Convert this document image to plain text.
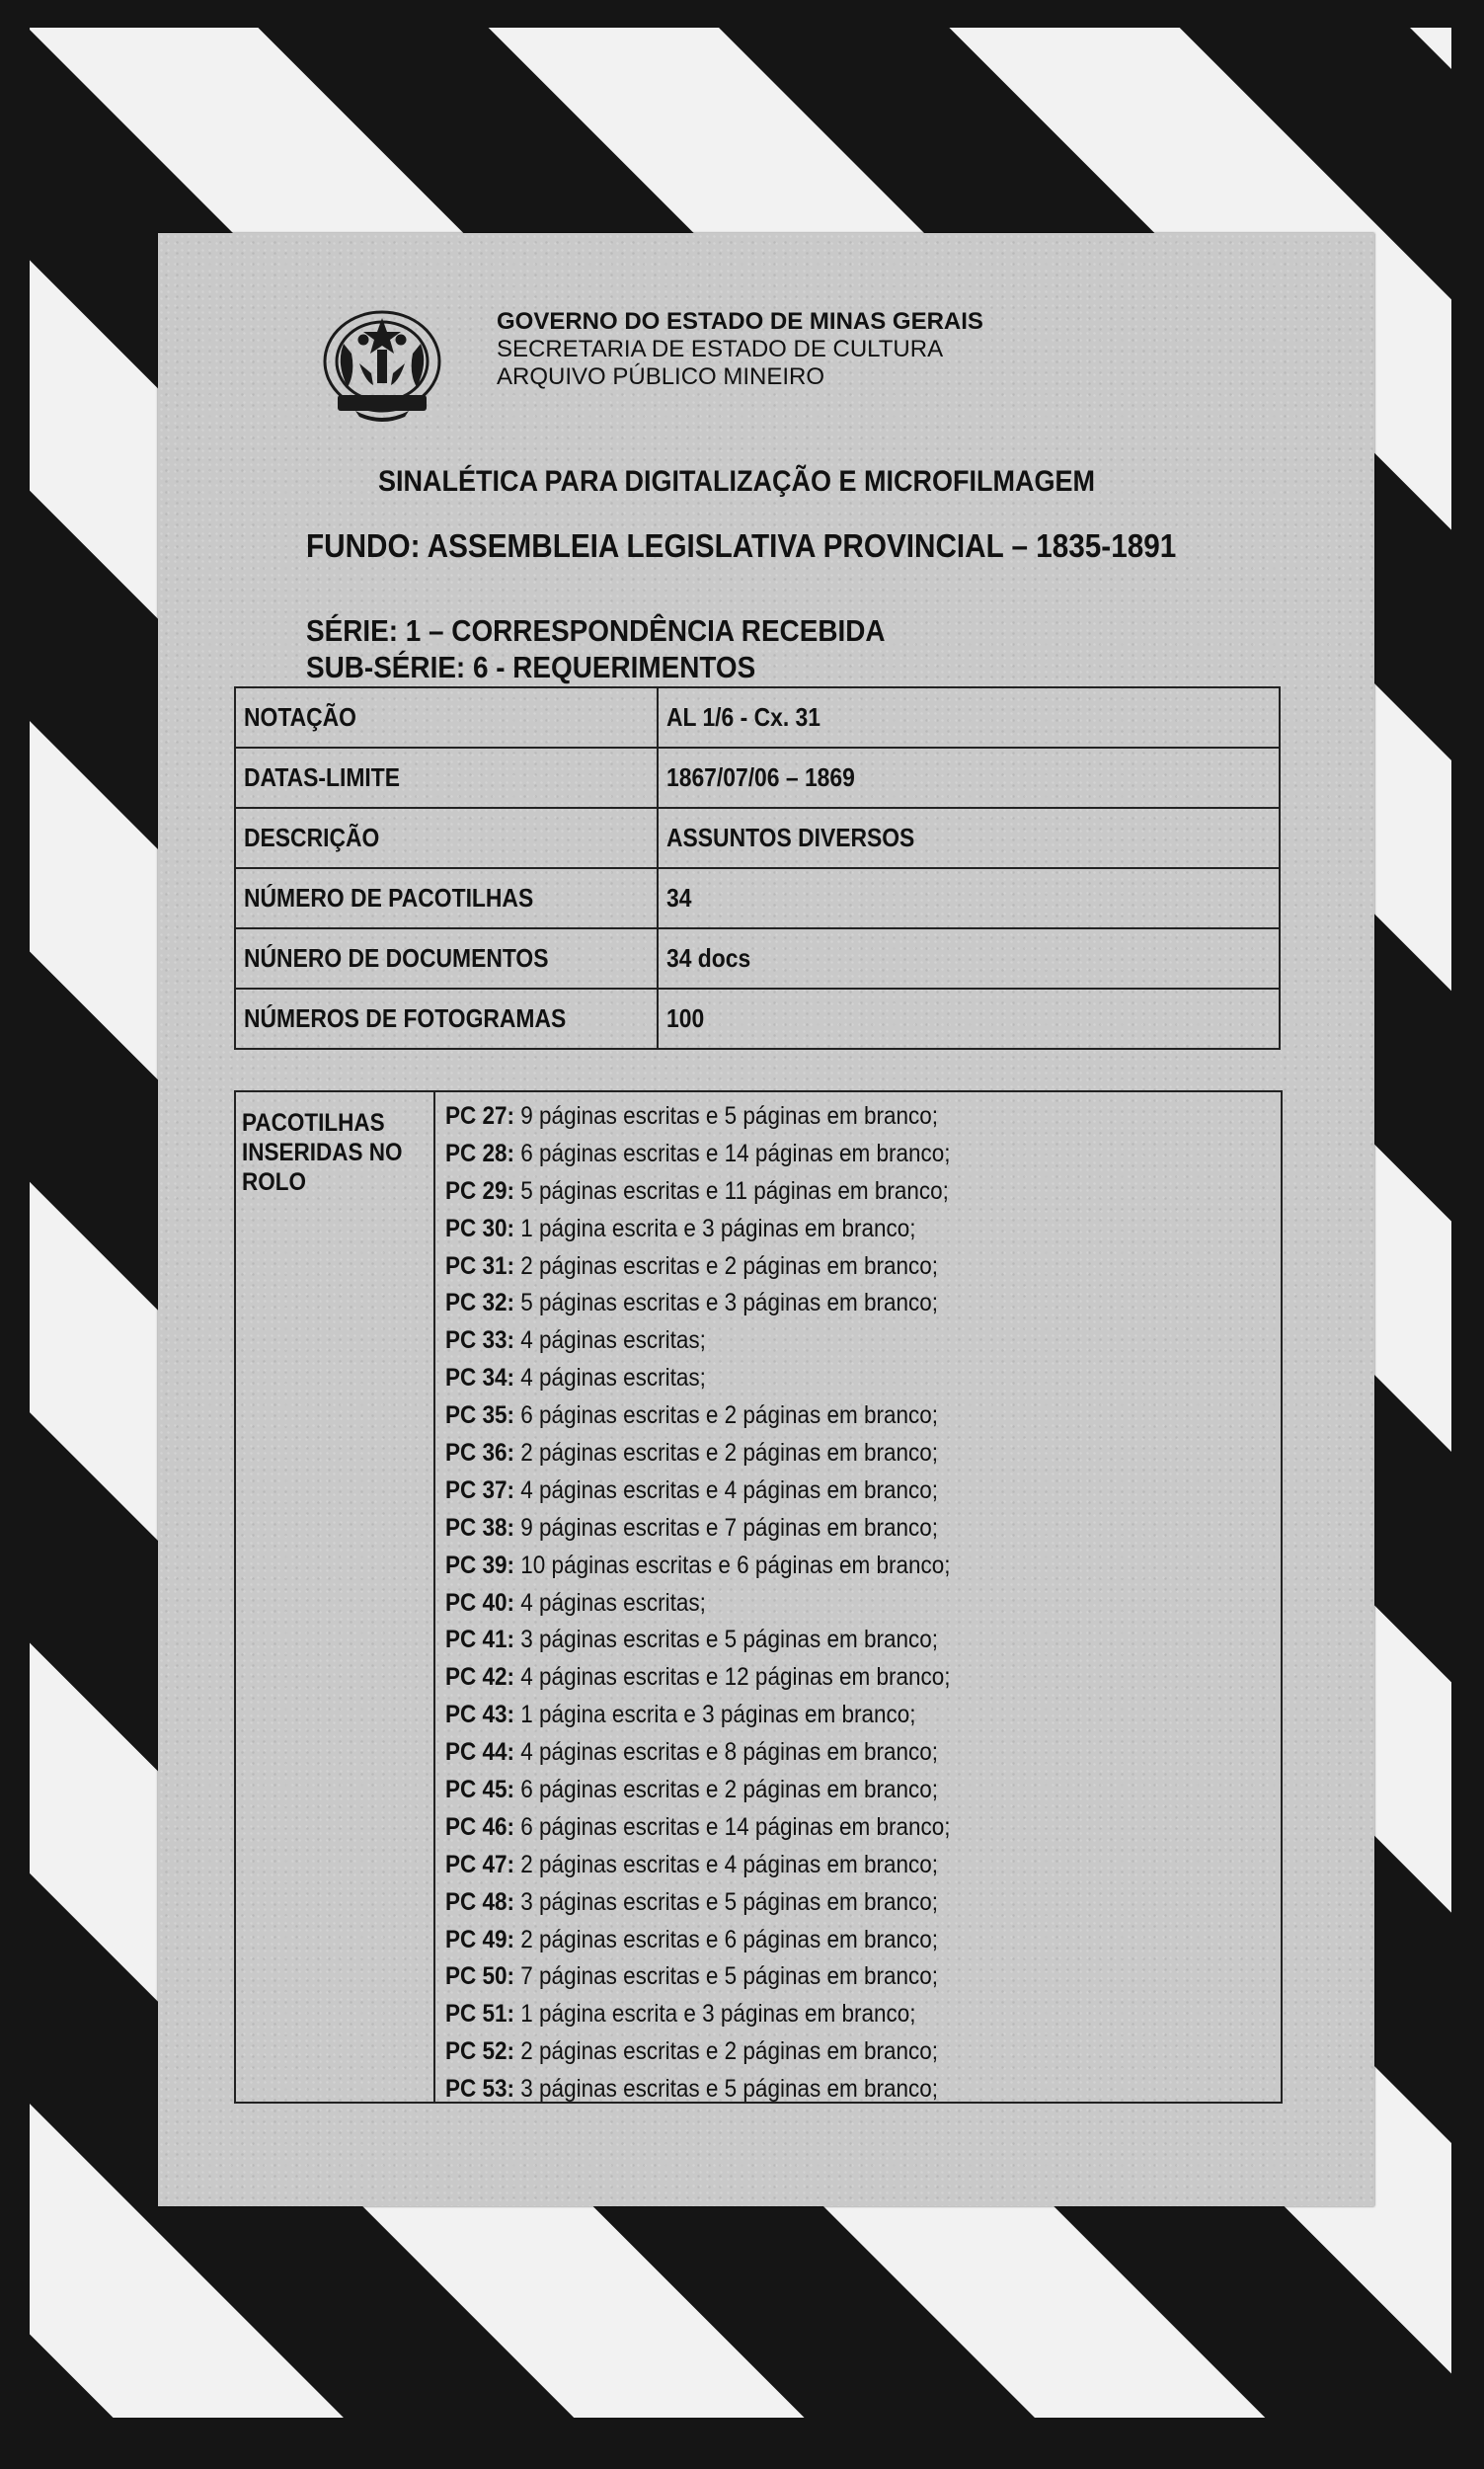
GOVERNO DO ESTADO DE MINAS GERAIS
SECRETARIA DE ESTADO DE CULTURA
ARQUIVO PÚBLICO MINEIRO
SINALÉTICA PARA DIGITALIZAÇÃO E MICROFILMAGEM
FUNDO: ASSEMBLEIA LEGISLATIVA PROVINCIAL – 1835-1891
SÉRIE: 1 – CORRESPONDÊNCIA RECEBIDA
SUB-SÉRIE: 6 - REQUERIMENTOS
NOTAÇÃO	AL 1/6 - Cx. 31
DATAS-LIMITE	1867/07/06 – 1869
DESCRIÇÃO	ASSUNTOS DIVERSOS
NÚMERO DE PACOTILHAS	34
NÚNERO DE DOCUMENTOS	34 docs
NÚMEROS DE FOTOGRAMAS	100
PACOTILHAS
INSERIDAS NO
ROLO
PC 27: 9 páginas escritas e 5 páginas em branco;
PC 28: 6 páginas escritas e 14 páginas em branco;
PC 29: 5 páginas escritas e 11 páginas em branco;
PC 30: 1 página escrita e 3 páginas em branco;
PC 31: 2 páginas escritas e 2 páginas em branco;
PC 32: 5 páginas escritas e 3 páginas em branco;
PC 33: 4 páginas escritas;
PC 34: 4 páginas escritas;
PC 35: 6 páginas escritas e 2 páginas em branco;
PC 36: 2 páginas escritas e 2 páginas em branco;
PC 37: 4 páginas escritas e 4 páginas em branco;
PC 38: 9 páginas escritas e 7 páginas em branco;
PC 39: 10 páginas escritas e 6 páginas em branco;
PC 40: 4 páginas escritas;
PC 41: 3 páginas escritas e 5 páginas em branco;
PC 42: 4 páginas escritas e 12 páginas em branco;
PC 43: 1 página escrita e 3 páginas em branco;
PC 44: 4 páginas escritas e 8 páginas em branco;
PC 45: 6 páginas escritas e 2 páginas em branco;
PC 46: 6 páginas escritas e 14 páginas em branco;
PC 47: 2 páginas escritas e 4 páginas em branco;
PC 48: 3 páginas escritas e 5 páginas em branco;
PC 49: 2 páginas escritas e 6 páginas em branco;
PC 50: 7 páginas escritas e 5 páginas em branco;
PC 51: 1 página escrita e 3 páginas em branco;
PC 52: 2 páginas escritas e 2 páginas em branco;
PC 53: 3 páginas escritas e 5 páginas em branco;
